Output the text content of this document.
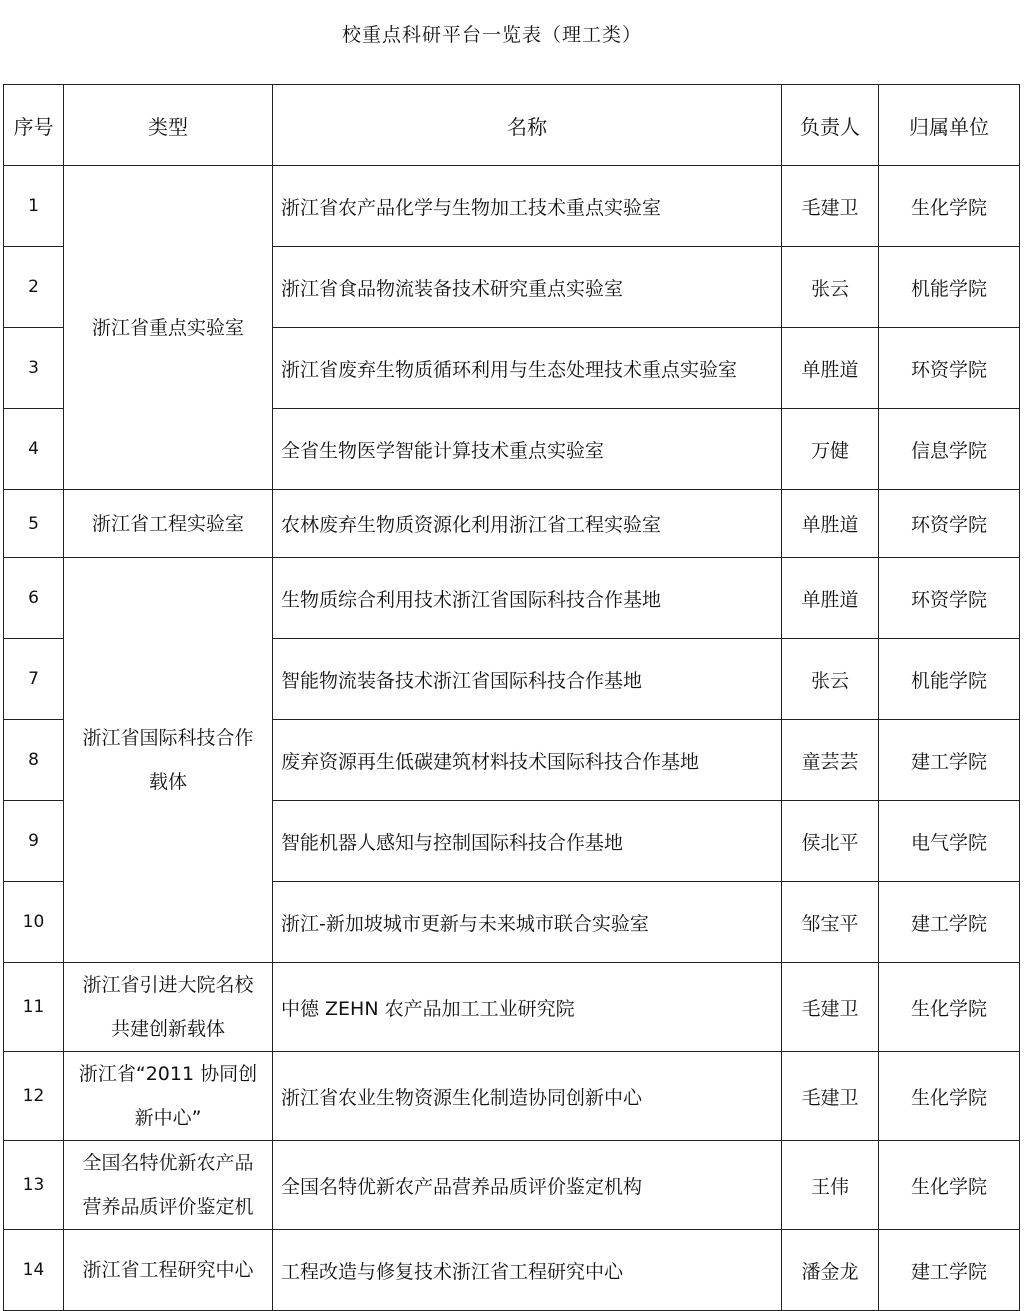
校重点科研平台一览表（理工类）
序号	类型	名称	负责人	归属单位
1	浙江省重点实验室	浙江省农产品化学与生物加工技术重点实验室	毛建卫	生化学院
2		浙江省食品物流装备技术研究重点实验室	张云	机能学院
3		浙江省废弃生物质循环利用与生态处理技术重点实验室	单胜道	环资学院
4		全省生物医学智能计算技术重点实验室	万健	信息学院
5	浙江省工程实验室	农林废弃生物质资源化利用浙江省工程实验室	单胜道	环资学院
6	浙江省国际科技合作载体	生物质综合利用技术浙江省国际科技合作基地	单胜道	环资学院
7		智能物流装备技术浙江省国际科技合作基地	张云	机能学院
8		废弃资源再生低碳建筑材料技术国际科技合作基地	童芸芸	建工学院
9		智能机器人感知与控制国际科技合作基地	侯北平	电气学院
10		浙江-新加坡城市更新与未来城市联合实验室	邹宝平	建工学院
11	浙江省引进大院名校共建创新载体	中德 ZEHN 农产品加工工业研究院	毛建卫	生化学院
12	浙江省“2011 协同创新中心”	浙江省农业生物资源生化制造协同创新中心	毛建卫	生化学院
13	全国名特优新农产品营养品质评价鉴定机	全国名特优新农产品营养品质评价鉴定机构	王伟	生化学院
14	浙江省工程研究中心	工程改造与修复技术浙江省工程研究中心	潘金龙	建工学院
